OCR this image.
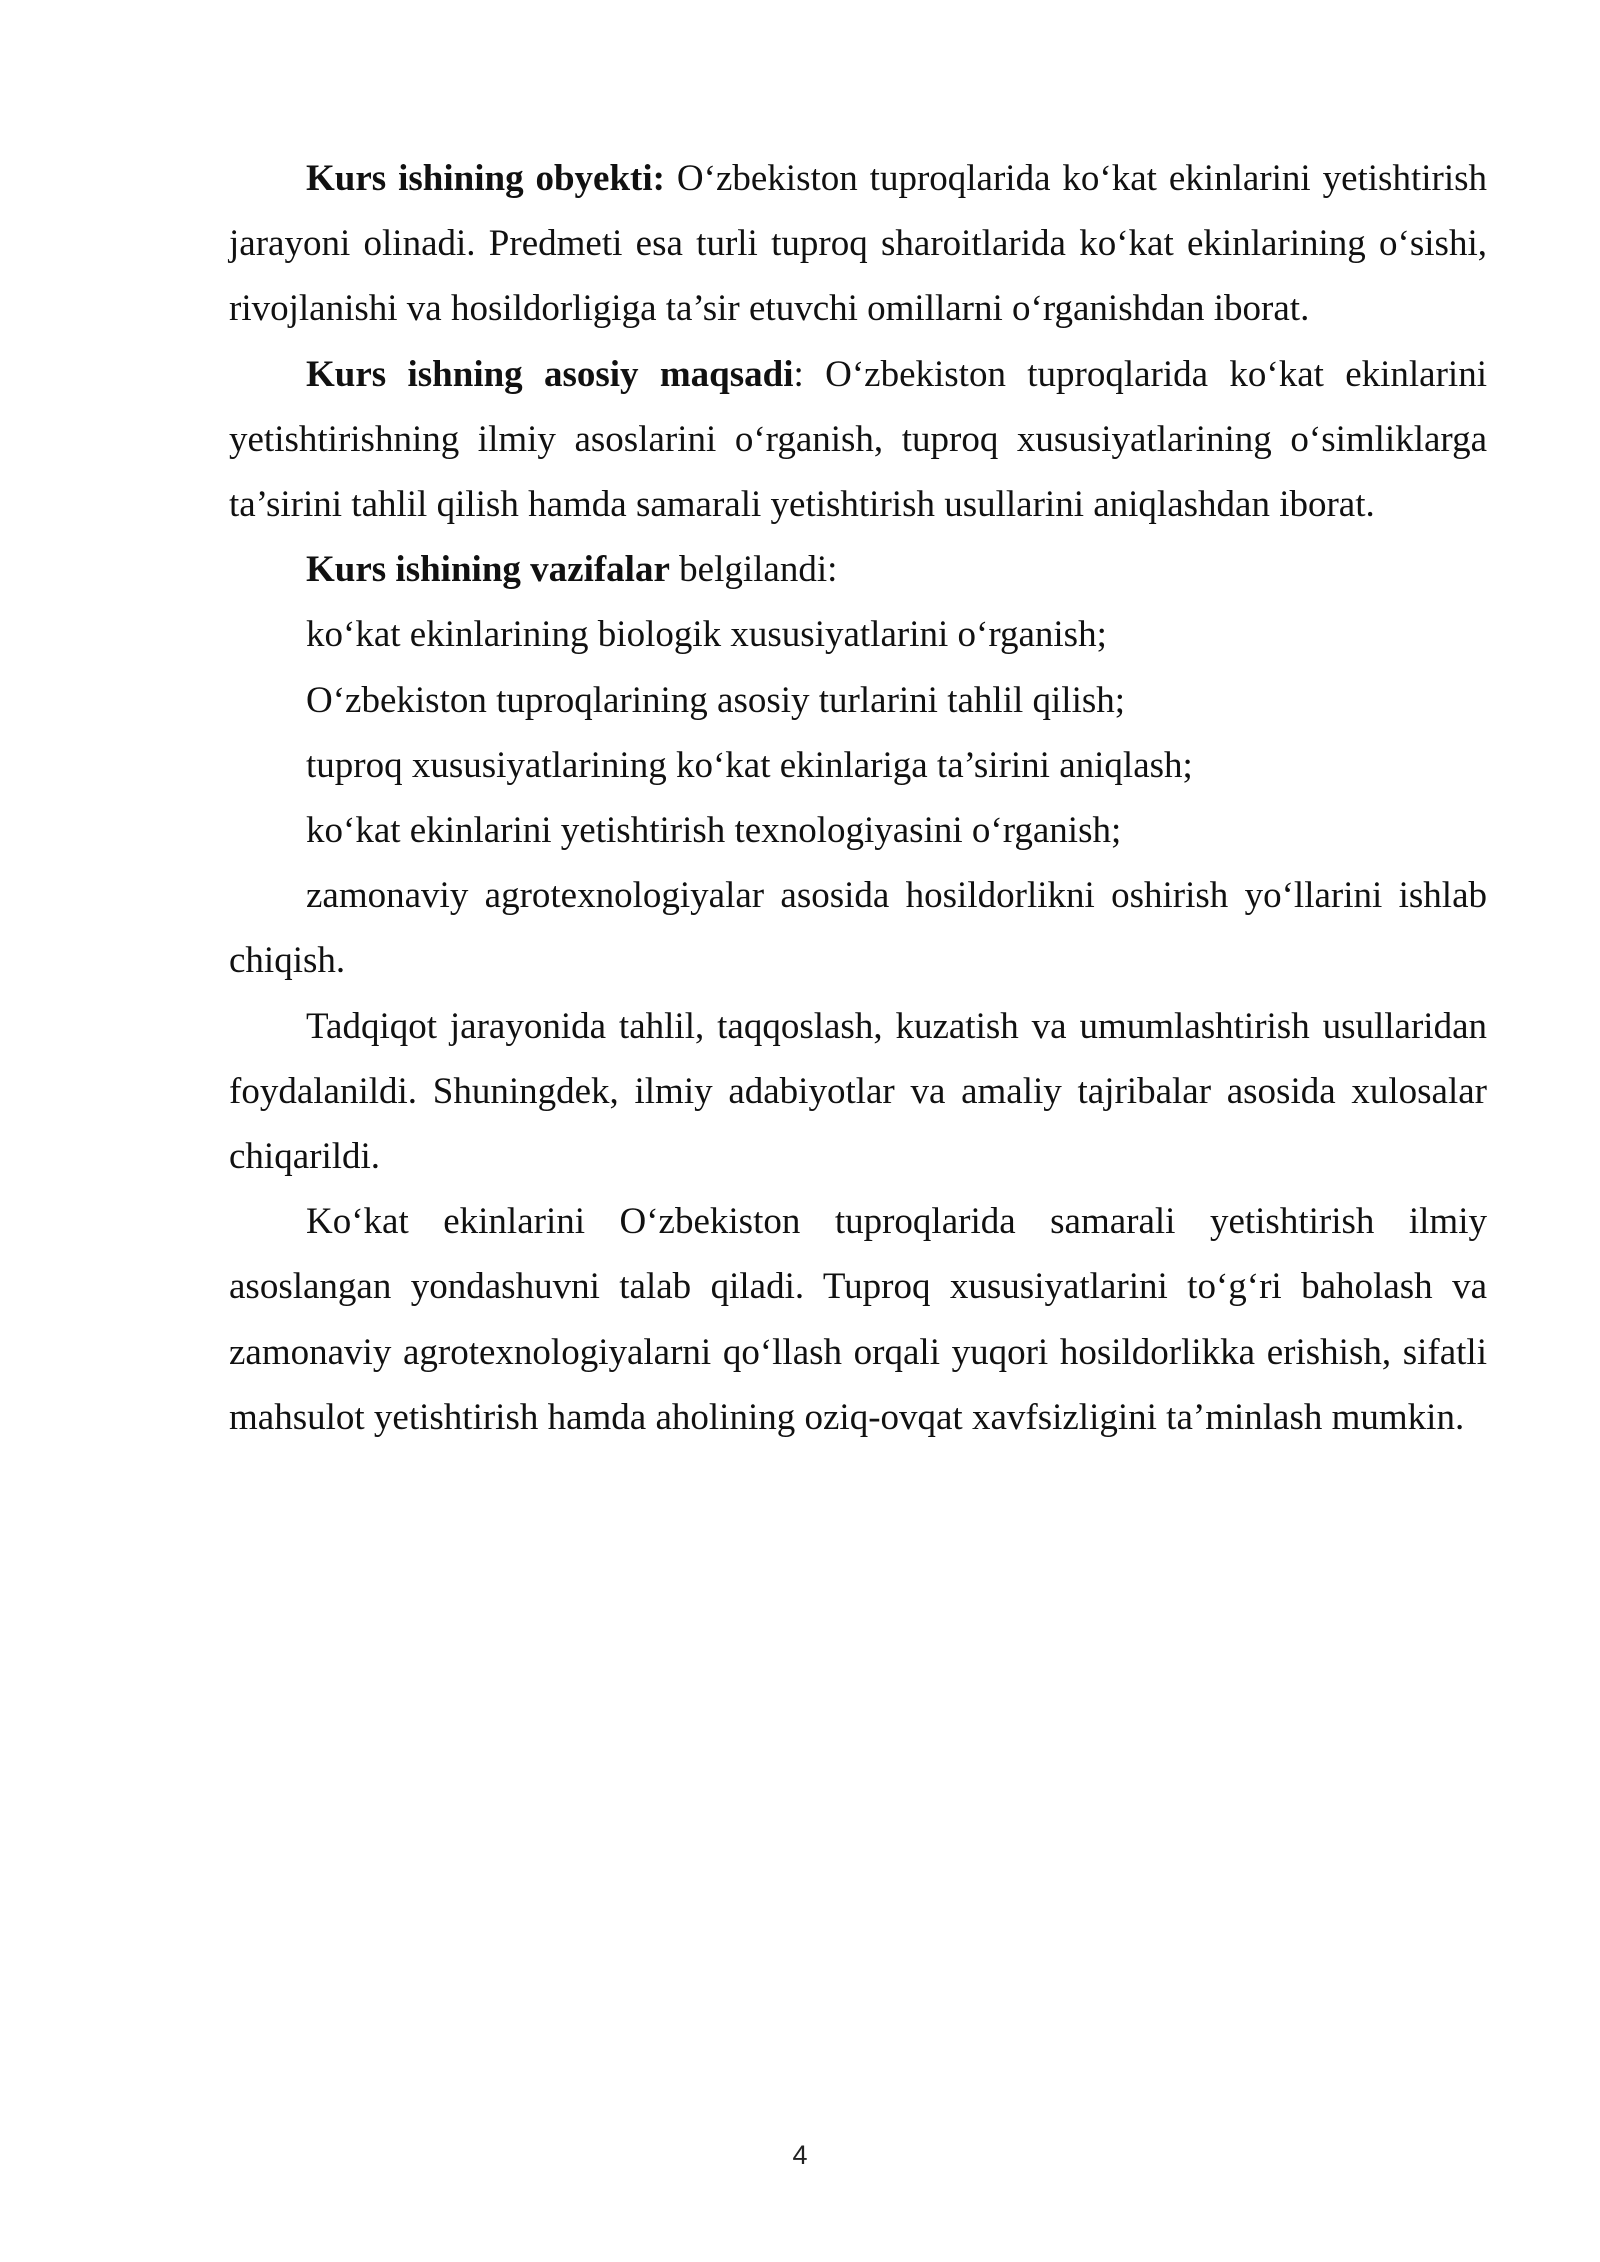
Kurs ishining obyekti: O‘zbekiston tuproqlarida ko‘kat ekinlarini yetishtirish jarayoni olinadi. Predmeti esa turli tuproq sharoitlarida ko‘kat ekinlarining o‘sishi, rivojlanishi va hosildorligiga ta’sir etuvchi omillarni o‘rganishdan iborat.

Kurs ishning asosiy maqsadi: O‘zbekiston tuproqlarida ko‘kat ekinlarini yetishtirishning ilmiy asoslarini o‘rganish, tuproq xususiyatlarining o‘simliklarga ta’sirini tahlil qilish hamda samarali yetishtirish usullarini aniqlashdan iborat.

Kurs ishining vazifalar belgilandi:

ko‘kat ekinlarining biologik xususiyatlarini o‘rganish;

O‘zbekiston tuproqlarining asosiy turlarini tahlil qilish;

tuproq xususiyatlarining ko‘kat ekinlariga ta’sirini aniqlash;

ko‘kat ekinlarini yetishtirish texnologiyasini o‘rganish;

zamonaviy agrotexnologiyalar asosida hosildorlikni oshirish yo‘llarini ishlab chiqish.

Tadqiqot jarayonida tahlil, taqqoslash, kuzatish va umumlashtirish usullaridan foydalanildi. Shuningdek, ilmiy adabiyotlar va amaliy tajribalar asosida xulosalar chiqarildi.

Ko‘kat ekinlarini O‘zbekiston tuproqlarida samarali yetishtirish ilmiy asoslangan yondashuvni talab qiladi. Tuproq xususiyatlarini to‘g‘ri baholash va zamonaviy agrotexnologiyalarni qo‘llash orqali yuqori hosildorlikka erishish, sifatli mahsulot yetishtirish hamda aholining oziq-ovqat xavfsizligini ta’minlash mumkin.

4
